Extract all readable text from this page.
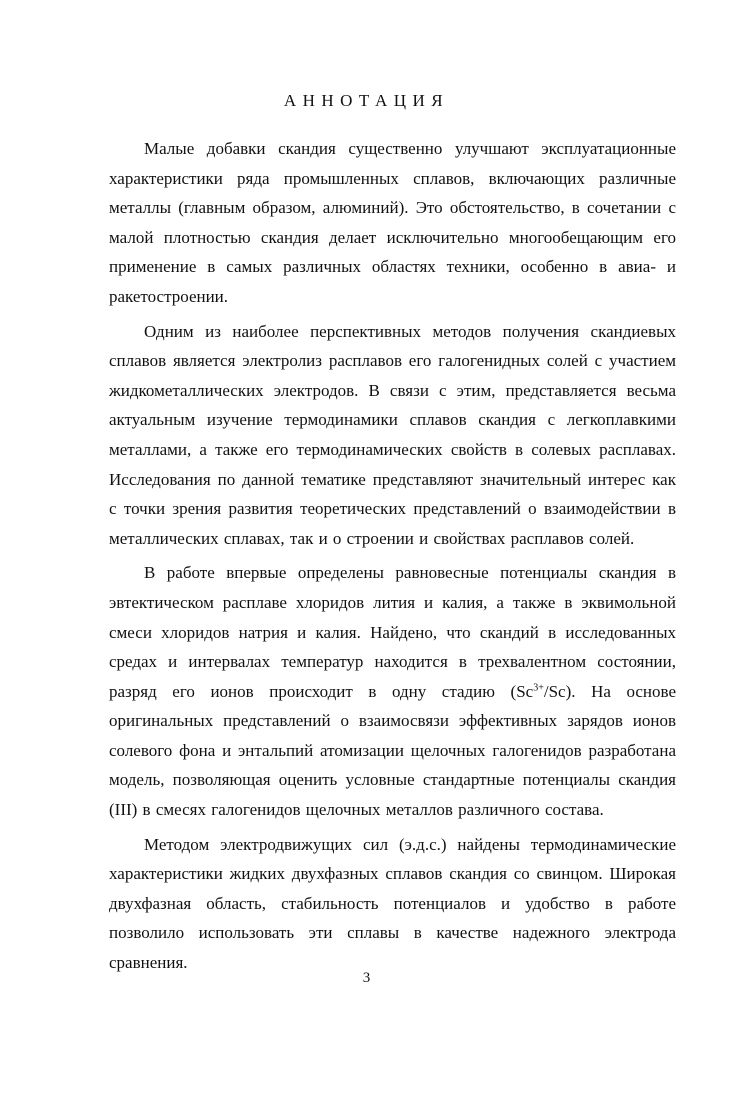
АННОТАЦИЯ

Малые добавки скандия существенно улучшают эксплуатационные характеристики ряда промышленных сплавов, включающих различные металлы (главным образом, алюминий). Это обстоятельство, в сочетании с малой плотностью скандия делает исключительно многообещающим его применение в самых различных областях техники, особенно в авиа- и ракетостроении.

Одним из наиболее перспективных методов получения скандиевых сплавов является электролиз расплавов его галогенидных солей с участием жидкометаллических электродов. В связи с этим, представляется весьма актуальным изучение термодинамики сплавов скандия с легкоплавкими металлами, а также его термодинамических свойств в солевых расплавах. Исследования по данной тематике представляют значительный интерес как с точки зрения развития теоретических представлений о взаимодействии в металлических сплавах, так и о строении и свойствах расплавов солей.

В работе впервые определены равновесные потенциалы скандия в эвтектическом расплаве хлоридов лития и калия, а также в эквимольной смеси хлоридов натрия и калия. Найдено, что скандий в исследованных средах и интервалах температур находится в трехвалентном состоянии, разряд его ионов происходит в одну стадию $(Sc^{3+}/Sc)$. На основе оригинальных представлений о взаимосвязи эффективных зарядов ионов солевого фона и энтальпий атомизации щелочных галогенидов разработана модель, позволяющая оценить условные стандартные потенциалы скандия (III) в смесях галогенидов щелочных металлов различного состава.

Методом электродвижущих сил (э.д.с.) найдены термодинамические характеристики жидких двухфазных сплавов скандия со свинцом. Широкая двухфазная область, стабильность потенциалов и удобство в работе позволило использовать эти сплавы в качестве надежного электрода сравнения.

3
